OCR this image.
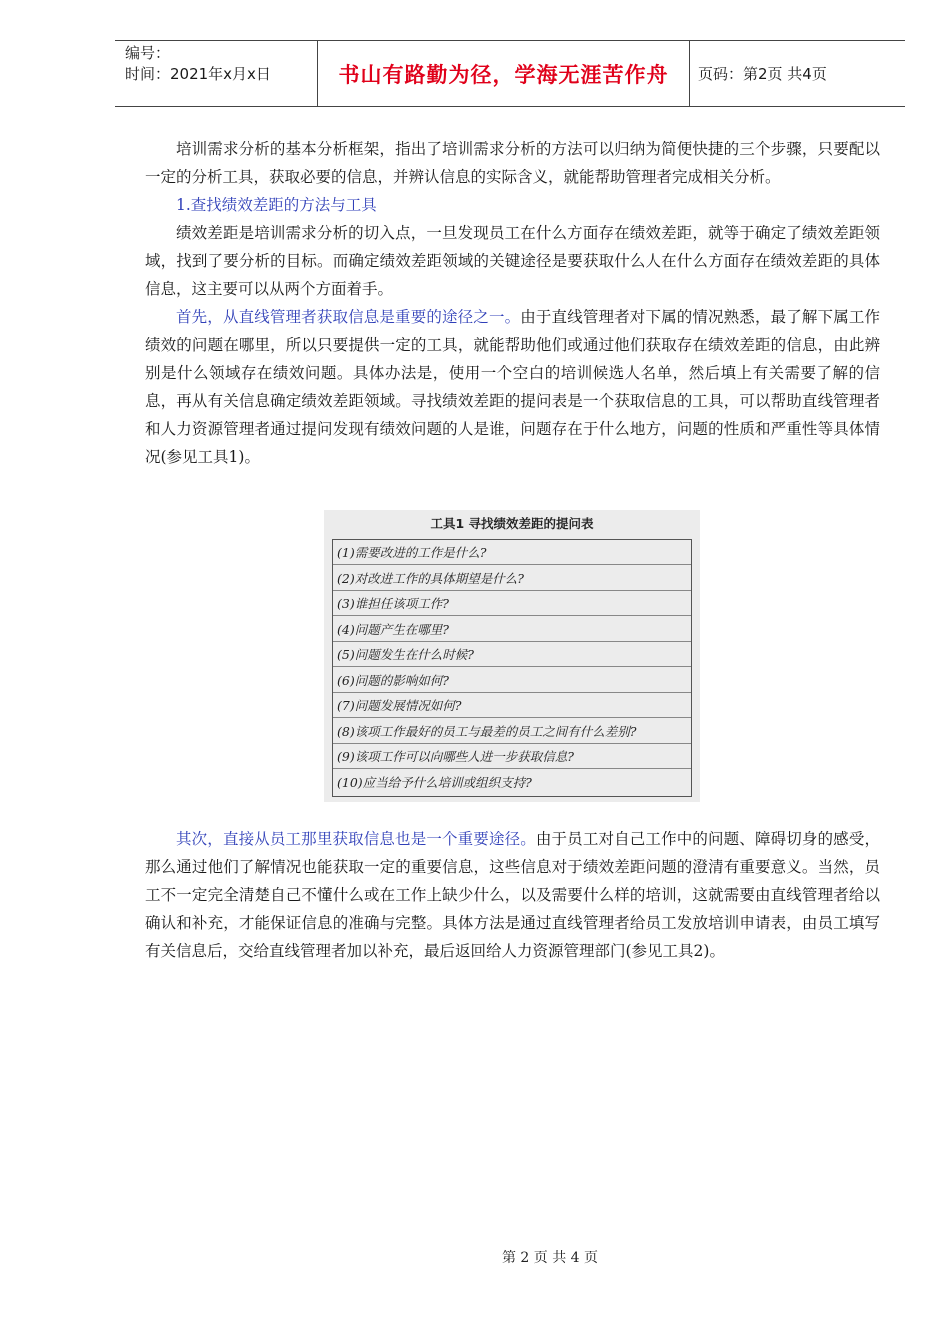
编号：
时间：2021年x月x日	书山有路勤为径，学海无涯苦作舟	页码：第2页 共4页

培训需求分析的基本分析框架，指出了培训需求分析的方法可以归纳为简便快捷的三个步骤，只要配以一定的分析工具，获取必要的信息，并辨认信息的实际含义，就能帮助管理者完成相关分析。

1.查找绩效差距的方法与工具

绩效差距是培训需求分析的切入点，一旦发现员工在什么方面存在绩效差距，就等于确定了绩效差距领域，找到了要分析的目标。而确定绩效差距领域的关键途径是要获取什么人在什么方面存在绩效差距的具体信息，这主要可以从两个方面着手。

首先，从直线管理者获取信息是重要的途径之一。由于直线管理者对下属的情况熟悉，最了解下属工作绩效的问题在哪里，所以只要提供一定的工具，就能帮助他们或通过他们获取存在绩效差距的信息，由此辨别是什么领域存在绩效问题。具体办法是，使用一个空白的培训候选人名单，然后填上有关需要了解的信息，再从有关信息确定绩效差距领域。寻找绩效差距的提问表是一个获取信息的工具，可以帮助直线管理者和人力资源管理者通过提问发现有绩效问题的人是谁，问题存在于什么地方，问题的性质和严重性等具体情况(参见工具1)。

工具1 寻找绩效差距的提问表
(1)需要改进的工作是什么?
(2)对改进工作的具体期望是什么?
(3)谁担任该项工作?
(4)问题产生在哪里?
(5)问题发生在什么时候?
(6)问题的影响如何?
(7)问题发展情况如何?
(8)该项工作最好的员工与最差的员工之间有什么差别?
(9)该项工作可以向哪些人进一步获取信息?
(10)应当给予什么培训或组织支持?

其次，直接从员工那里获取信息也是一个重要途径。由于员工对自己工作中的问题、障碍切身的感受，那么通过他们了解情况也能获取一定的重要信息，这些信息对于绩效差距问题的澄清有重要意义。当然，员工不一定完全清楚自己不懂什么或在工作上缺少什么，以及需要什么样的培训，这就需要由直线管理者给以确认和补充，才能保证信息的准确与完整。具体方法是通过直线管理者给员工发放培训申请表，由员工填写有关信息后，交给直线管理者加以补充，最后返回给人力资源管理部门(参见工具2)。

第 2 页 共 4 页
